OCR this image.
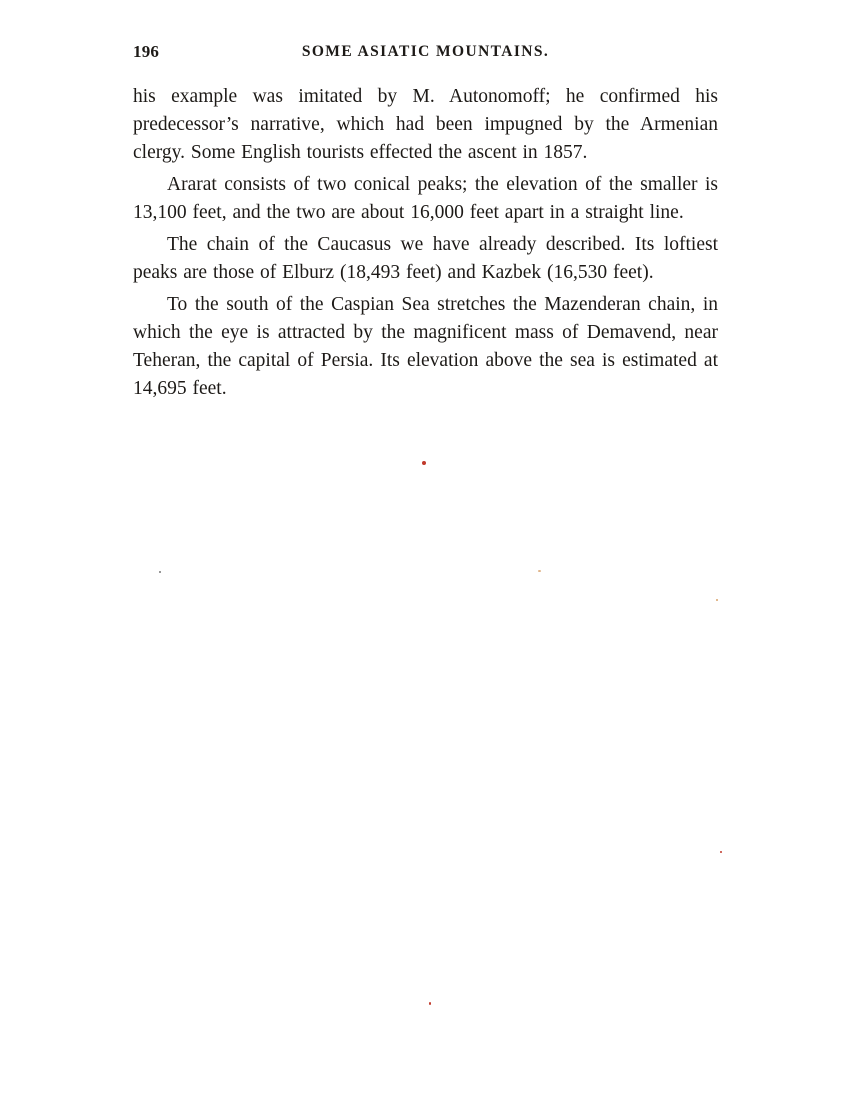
196	SOME ASIATIC MOUNTAINS.

his example was imitated by M. Autonomoff; he confirmed his predecessor’s narrative, which had been impugned by the Armenian clergy. Some English tourists effected the ascent in 1857.

Ararat consists of two conical peaks; the elevation of the smaller is 13,100 feet, and the two are about 16,000 feet apart in a straight line.

The chain of the Caucasus we have already described. Its loftiest peaks are those of Elburz (18,493 feet) and Kazbek (16,530 feet).

To the south of the Caspian Sea stretches the Mazenderan chain, in which the eye is attracted by the magnificent mass of Demavend, near Teheran, the capital of Persia. Its elevation above the sea is estimated at 14,695 feet.
